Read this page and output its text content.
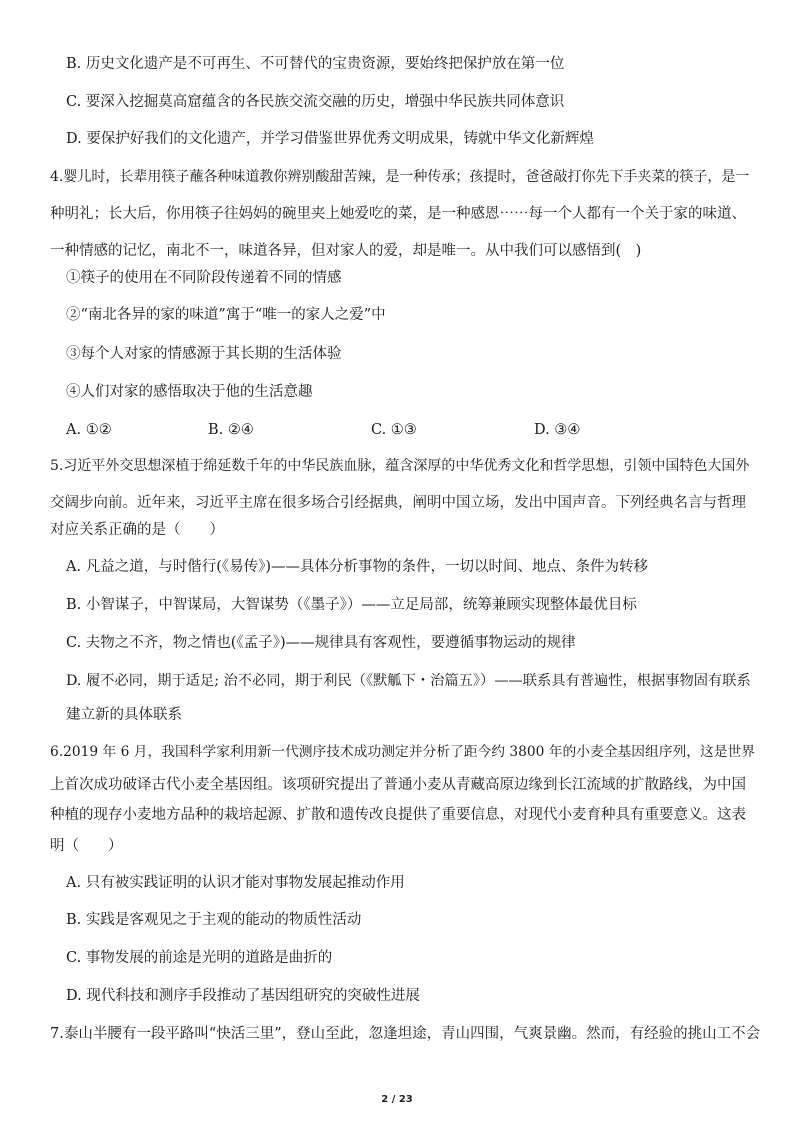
B. 历史文化遗产是不可再生、不可替代的宝贵资源，要始终把保护放在第一位
C. 要深入挖掘莫高窟蕴含的各民族交流交融的历史，增强中华民族共同体意识
D. 要保护好我们的文化遗产，并学习借鉴世界优秀文明成果，铸就中华文化新辉煌
4.婴儿时，长辈用筷子蘸各种味道教你辨别酸甜苦辣，是一种传承；孩提时，爸爸敲打你先下手夹菜的筷子，是一
种明礼；长大后，你用筷子往妈妈的碗里夹上她爱吃的菜，是一种感恩⋯⋯每一个人都有一个关于家的味道、
一种情感的记忆，南北不一，味道各异，但对家人的爱，却是唯一。从中我们可以感悟到(　)
①筷子的使用在不同阶段传递着不同的情感
②“南北各异的家的味道”寓于“唯一的家人之爱”中
③每个人对家的情感源于其长期的生活体验
④人们对家的感悟取决于他的生活意趣
A. ①②	B. ②④	C. ①③	D. ③④
5.习近平外交思想深植于绵延数千年的中华民族血脉，蕴含深厚的中华优秀文化和哲学思想，引领中国特色大国外
交阔步向前。近年来，习近平主席在很多场合引经据典，阐明中国立场，发出中国声音。下列经典名言与哲理
对应关系正确的是（　　）
A. 凡益之道，与时偕行(《易传》)——具体分析事物的条件，一切以时间、地点、条件为转移
B. 小智谋子，中智谋局，大智谋势（《墨子》）——立足局部，统筹兼顾实现整体最优目标
C. 夫物之不齐，物之情也(《孟子》)——规律具有客观性，要遵循事物运动的规律
D. 履不必同，期于适足; 治不必同，期于利民（《默觚下・治篇五》）——联系具有普遍性，根据事物固有联系
建立新的具体联系
6.2019 年 6 月，我国科学家利用新一代测序技术成功测定并分析了距今约 3800 年的小麦全基因组序列，这是世界
上首次成功破译古代小麦全基因组。该项研究提出了普通小麦从青藏高原边缘到长江流域的扩散路线，为中国
种植的现存小麦地方品种的栽培起源、扩散和遗传改良提供了重要信息，对现代小麦育种具有重要意义。这表
明（　　）
A. 只有被实践证明的认识才能对事物发展起推动作用
B. 实践是客观见之于主观的能动的物质性活动
C. 事物发展的前途是光明的道路是曲折的
D. 现代科技和测序手段推动了基因组研究的突破性进展
7.泰山半腰有一段平路叫“快活三里”，登山至此，忽逢坦途，青山四围，气爽景幽。然而，有经验的挑山工不会
2 / 23
